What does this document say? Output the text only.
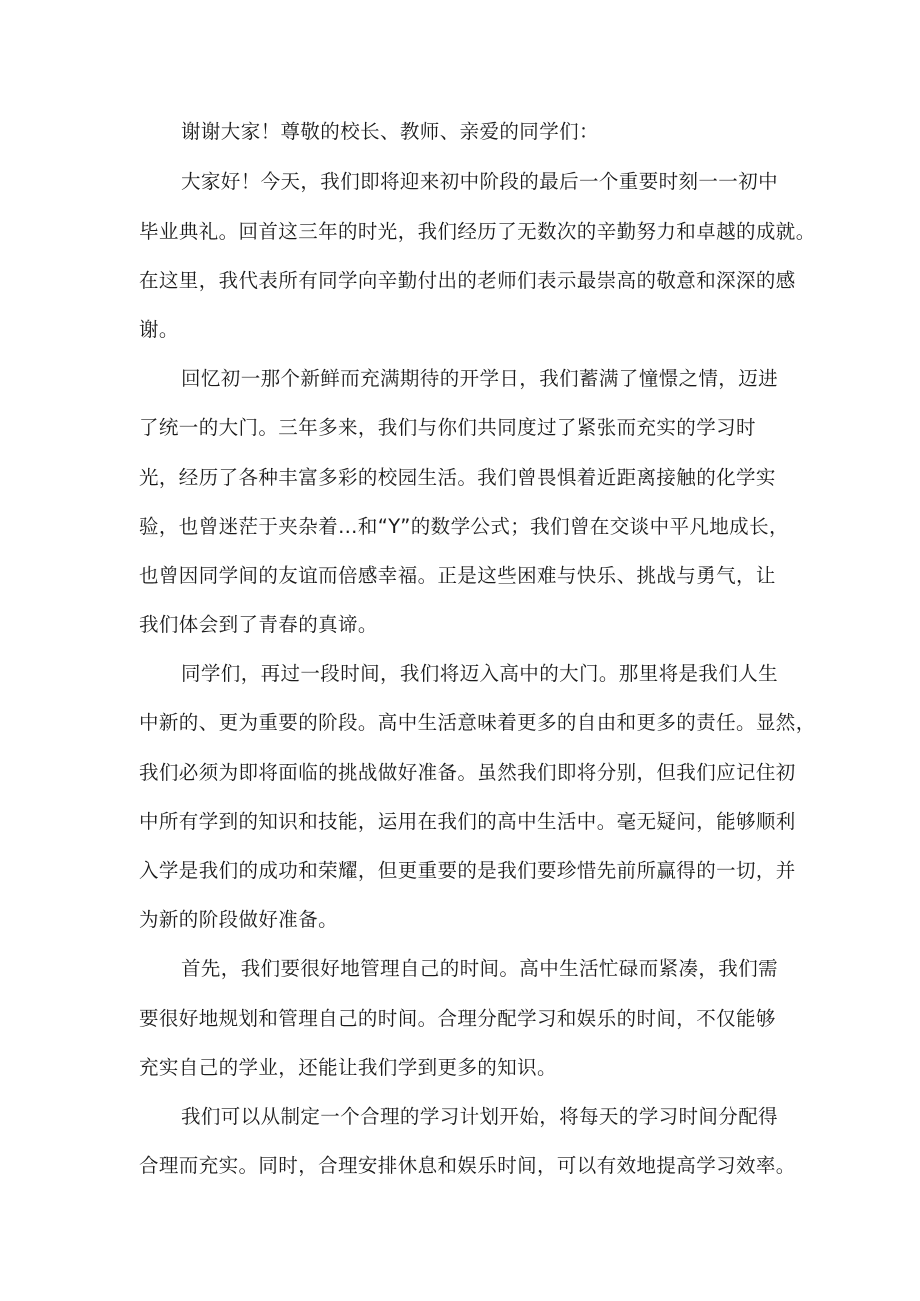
谢谢大家！尊敬的校长、教师、亲爱的同学们：

大家好！今天，我们即将迎来初中阶段的最后一个重要时刻一一初中

毕业典礼。回首这三年的时光，我们经历了无数次的辛勤努力和卓越的成就。

在这里，我代表所有同学向辛勤付出的老师们表示最崇高的敬意和深深的感

谢。

回忆初一那个新鲜而充满期待的开学日，我们蓄满了憧憬之情，迈进

了统一的大门。三年多来，我们与你们共同度过了紧张而充实的学习时

光，经历了各种丰富多彩的校园生活。我们曾畏惧着近距离接触的化学实

验，也曾迷茫于夹杂着…和“Y”的数学公式；我们曾在交谈中平凡地成长，

也曾因同学间的友谊而倍感幸福。正是这些困难与快乐、挑战与勇气，让

我们体会到了青春的真谛。

同学们，再过一段时间，我们将迈入高中的大门。那里将是我们人生

中新的、更为重要的阶段。高中生活意味着更多的自由和更多的责任。显然，

我们必须为即将面临的挑战做好准备。虽然我们即将分别，但我们应记住初

中所有学到的知识和技能，运用在我们的高中生活中。毫无疑问，能够顺利

入学是我们的成功和荣耀，但更重要的是我们要珍惜先前所赢得的一切，并

为新的阶段做好准备。

首先，我们要很好地管理自己的时间。高中生活忙碌而紧凑，我们需

要很好地规划和管理自己的时间。合理分配学习和娱乐的时间，不仅能够

充实自己的学业，还能让我们学到更多的知识。

我们可以从制定一个合理的学习计划开始，将每天的学习时间分配得

合理而充实。同时，合理安排休息和娱乐时间，可以有效地提高学习效率。
